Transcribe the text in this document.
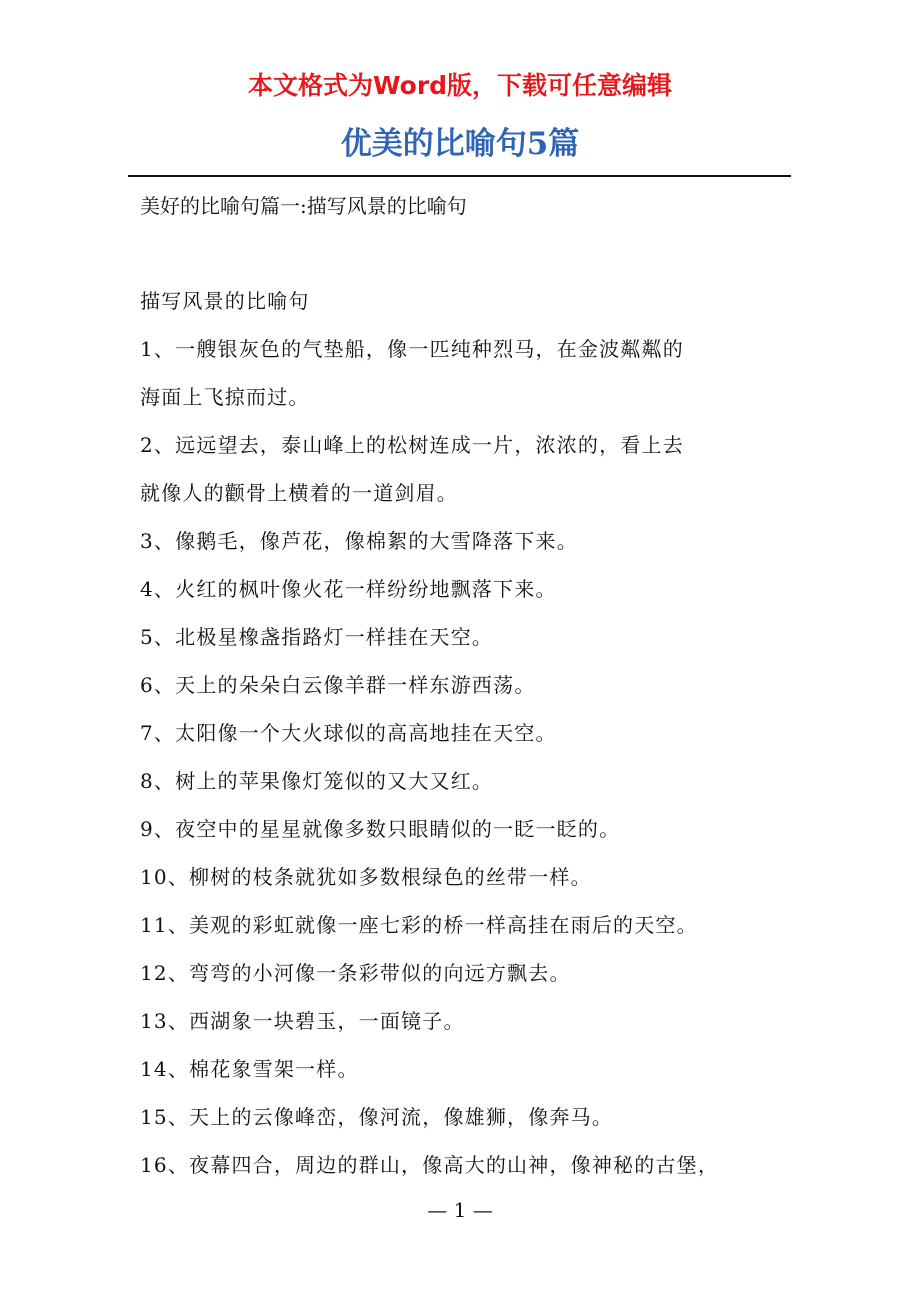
本文格式为Word版，下载可任意编辑
优美的比喻句5篇
美好的比喻句篇一:描写风景的比喻句

描写风景的比喻句

1、一艘银灰色的气垫船，像一匹纯种烈马，在金波粼粼的

海面上飞掠而过。

2、远远望去，泰山峰上的松树连成一片，浓浓的，看上去

就像人的颧骨上横着的一道剑眉。

3、像鹅毛，像芦花，像棉絮的大雪降落下来。

4、火红的枫叶像火花一样纷纷地飘落下来。

5、北极星橡盏指路灯一样挂在天空。

6、天上的朵朵白云像羊群一样东游西荡。

7、太阳像一个大火球似的高高地挂在天空。

8、树上的苹果像灯笼似的又大又红。

9、夜空中的星星就像多数只眼睛似的一眨一眨的。

10、柳树的枝条就犹如多数根绿色的丝带一样。

11、美观的彩虹就像一座七彩的桥一样高挂在雨后的天空。

12、弯弯的小河像一条彩带似的向远方飘去。

13、西湖象一块碧玉，一面镜子。

14、棉花象雪架一样。

15、天上的云像峰峦，像河流，像雄狮，像奔马。

16、夜幕四合，周边的群山，像高大的山神，像神秘的古堡，

— 1 —
